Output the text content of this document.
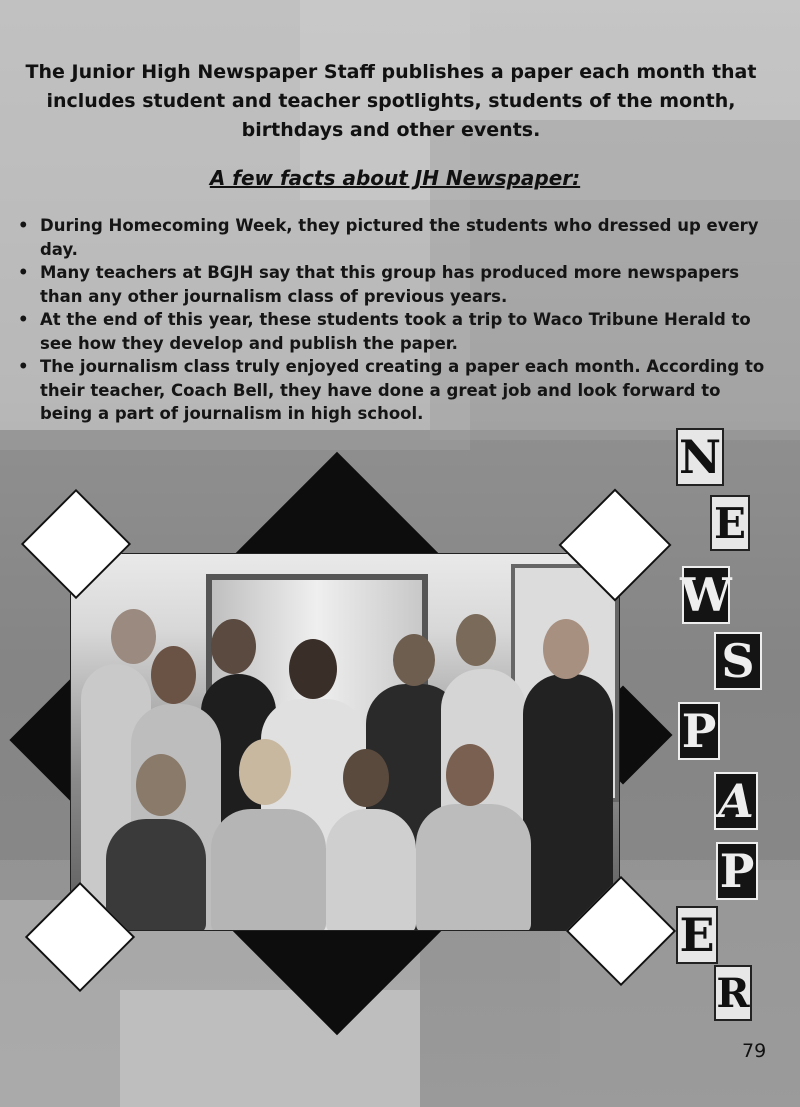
The Junior High Newspaper Staff publishes a paper each month that includes student and teacher spotlights, students of the month, birthdays and other events.
A few facts about JH Newspaper:
• During Homecoming Week, they pictured the students who dressed up every day.
• Many teachers at BGJH say that this group has produced more newspapers than any other journalism class of previous years.
• At the end of this year, these students took a trip to Waco Tribune Herald to see how they develop and publish the paper.
• The journalism class truly enjoyed creating a paper each month. According to their teacher, Coach Bell, they have done a great job and look forward to being a part of journalism in high school.
N
E
W
S
P
A
P
E
R
79
